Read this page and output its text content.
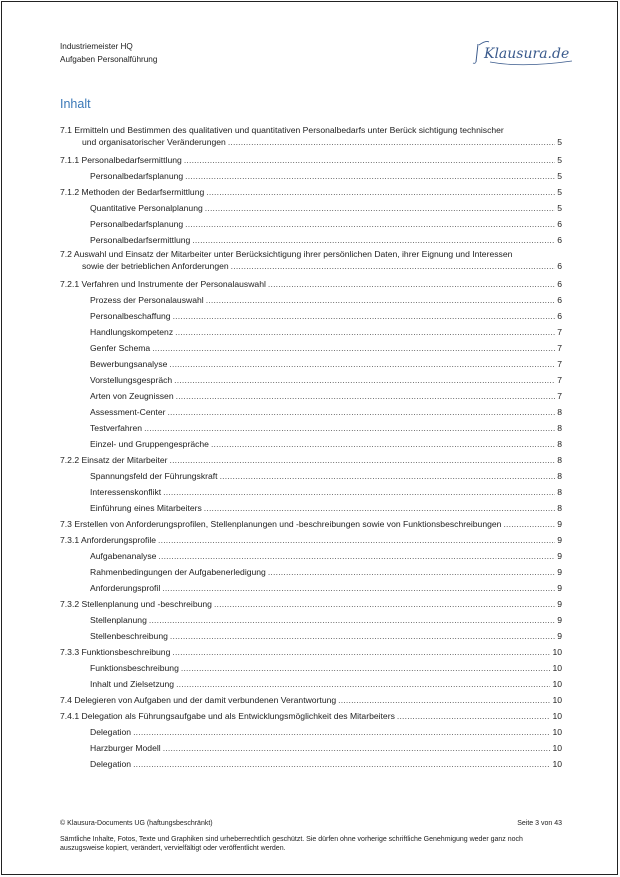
Industriemeister HQ
Aufgaben Personalführung	Klausura.de
Inhalt
7.1 Ermitteln und Bestimmen des qualitativen und quantitativen Personalbedarfs unter Berück sichtigung technischer
und organisatorischer Veränderungen .....	5
7.1.1 Personalbedarfsermittlung .....	5
Personalbedarfsplanung .....	5
7.1.2 Methoden der Bedarfsermittlung .....	5
Quantitative Personalplanung .....	5
Personalbedarfsplanung .....	6
Personalbedarfsermittlung .....	6
7.2 Auswahl und Einsatz der Mitarbeiter unter Berücksichtigung ihrer persönlichen Daten, ihrer Eignung und Interessen
sowie der betrieblichen Anforderungen .....	6
7.2.1 Verfahren und Instrumente der Personalauswahl .....	6
Prozess der Personalauswahl .....	6
Personalbeschaffung .....	6
Handlungskompetenz .....	7
Genfer Schema .....	7
Bewerbungsanalyse .....	7
Vorstellungsgespräch .....	7
Arten von Zeugnissen .....	7
Assessment-Center .....	8
Testverfahren .....	8
Einzel- und Gruppengespräche .....	8
7.2.2 Einsatz der Mitarbeiter .....	8
Spannungsfeld der Führungskraft .....	8
Interessenskonflikt .....	8
Einführung eines Mitarbeiters .....	8
7.3 Erstellen von Anforderungsprofilen, Stellenplanungen und -beschreibungen sowie von Funktionsbeschreibungen .....	9
7.3.1 Anforderungsprofile .....	9
Aufgabenanalyse .....	9
Rahmenbedingungen der Aufgabenerledigung .....	9
Anforderungsprofil .....	9
7.3.2 Stellenplanung und -beschreibung .....	9
Stellenplanung .....	9
Stellenbeschreibung .....	9
7.3.3 Funktionsbeschreibung .....	10
Funktionsbeschreibung .....	10
Inhalt und Zielsetzung .....	10
7.4 Delegieren von Aufgaben und der damit verbundenen Verantwortung .....	10
7.4.1 Delegation als Führungsaufgabe und als Entwicklungsmöglichkeit des Mitarbeiters .....	10
Delegation .....	10
Harzburger Modell .....	10
Delegation .....	10
© Klausura-Documents UG (haftungsbeschränkt)	Seite 3 von 43
Sämtliche Inhalte, Fotos, Texte und Graphiken sind urheberrechtlich geschützt. Sie dürfen ohne vorherige schriftliche Genehmigung weder ganz noch auszugsweise kopiert, verändert, vervielfältigt oder veröffentlicht werden.
